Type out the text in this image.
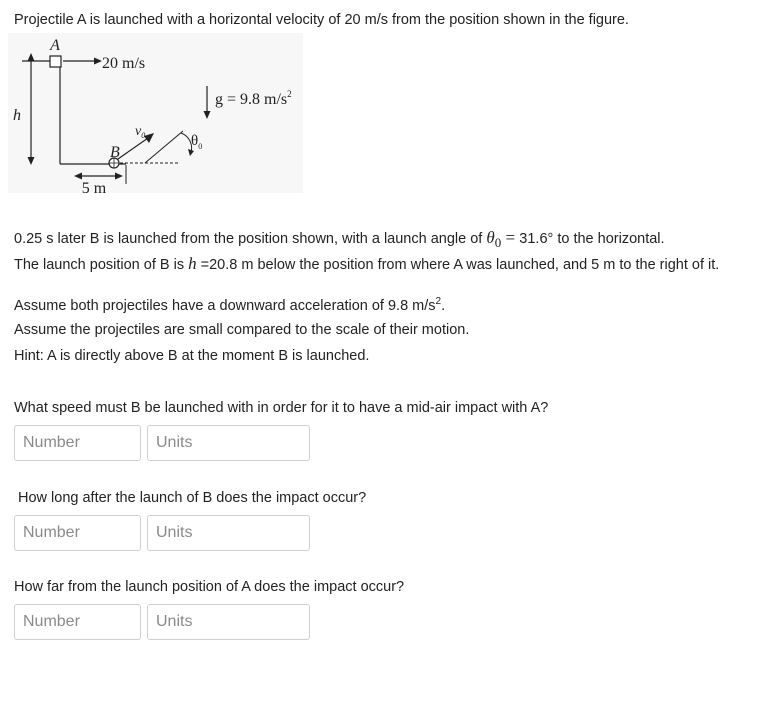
Projectile A is launched with a horizontal velocity of 20 m/s from the position shown in the figure.
A
20 m/s
h
5 m
B
$v_0$	$\theta_0$
g = 9.8 $m/s^2$
0.25 s later B is launched from the position shown, with a launch angle of $\theta_0 = 31.6^\circ$ to the horizontal.
The launch position of B is h =20.8 m below the position from where A was launched, and 5 m to the right of it.
Assume both projectiles have a downward acceleration of 9.8 $m/s^2$.
Assume the projectiles are small compared to the scale of their motion.
Hint: A is directly above B at the moment B is launched.
What speed must B be launched with in order for it to have a mid-air impact with A?
Number
Units
How long after the launch of B does the impact occur?
Number
Units
How far from the launch position of A does the impact occur?
Number
Units
